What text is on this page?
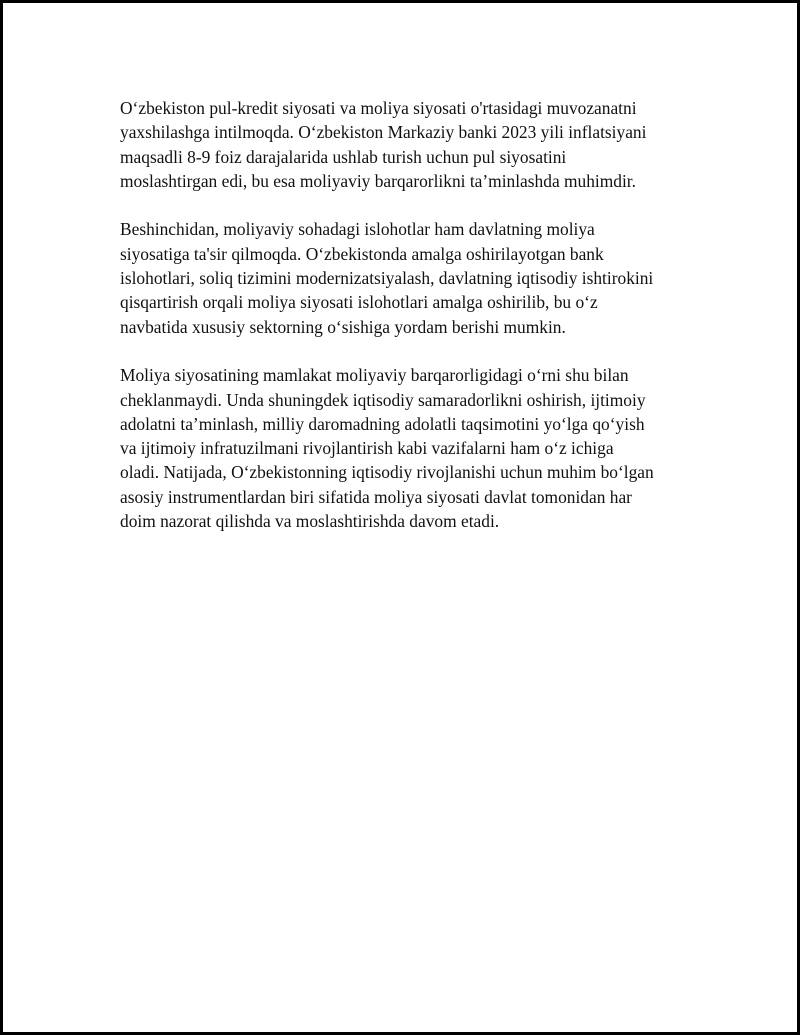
O‘zbekiston pul-kredit siyosati va moliya siyosati o'rtasidagi muvozanatni
yaxshilashga intilmoqda. O‘zbekiston Markaziy banki 2023 yili inflatsiyani
maqsadli 8-9 foiz darajalarida ushlab turish uchun pul siyosatini
moslashtirgan edi, bu esa moliyaviy barqarorlikni ta’minlashda muhimdir.

Beshinchidan, moliyaviy sohadagi islohotlar ham davlatning moliya
siyosatiga ta'sir qilmoqda. O‘zbekistonda amalga oshirilayotgan bank
islohotlari, soliq tizimini modernizatsiyalash, davlatning iqtisodiy ishtirokini
qisqartirish orqali moliya siyosati islohotlari amalga oshirilib, bu o‘z
navbatida xususiy sektorning o‘sishiga yordam berishi mumkin.

Moliya siyosatining mamlakat moliyaviy barqarorligidagi o‘rni shu bilan
cheklanmaydi. Unda shuningdek iqtisodiy samaradorlikni oshirish, ijtimoiy
adolatni ta’minlash, milliy daromadning adolatli taqsimotini yo‘lga qo‘yish
va ijtimoiy infratuzilmani rivojlantirish kabi vazifalarni ham o‘z ichiga
oladi. Natijada, O‘zbekistonning iqtisodiy rivojlanishi uchun muhim bo‘lgan
asosiy instrumentlardan biri sifatida moliya siyosati davlat tomonidan har
doim nazorat qilishda va moslashtirishda davom etadi.
